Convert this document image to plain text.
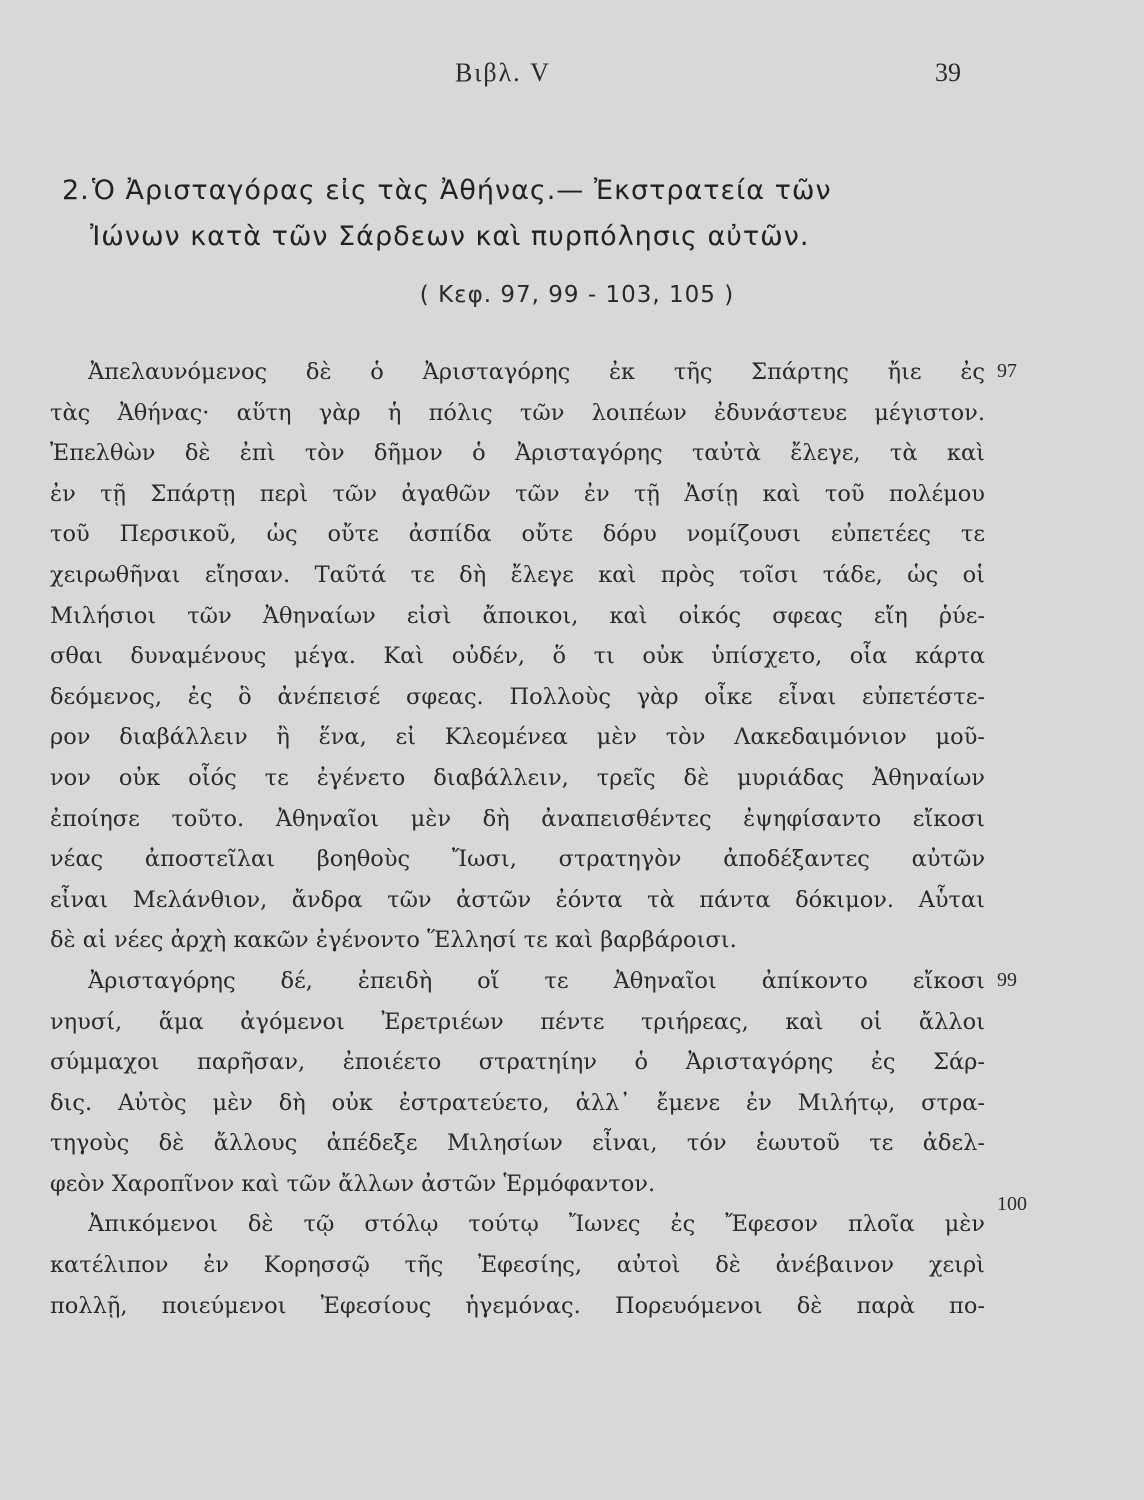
Βιβλ. V	39
2.Ὁ Ἀρισταγόρας εἰς τὰς Ἀθήνας.— Ἐκστρατεία τῶν
Ἰώνων κατὰ τῶν Σάρδεων καὶ πυρπόλησις αὐτῶν.
( Κεφ. 97, 99 - 103, 105 )
Ἀπελαυνόμενος δὲ ὁ Ἀρισταγόρης ἐκ τῆς Σπάρτης ἤιε ἐς
τὰς Ἀθήνας· αὕτη γὰρ ἡ πόλις τῶν λοιπέων ἐδυνάστευε μέγιστον.
Ἐπελθὼν δὲ ἐπὶ τὸν δῆμον ὁ Ἀρισταγόρης ταὐτὰ ἔλεγε, τὰ καὶ
ἐν τῇ Σπάρτῃ περὶ τῶν ἀγαθῶν τῶν ἐν τῇ Ἀσίῃ καὶ τοῦ πολέμου
τοῦ Περσικοῦ, ὡς οὔτε ἀσπίδα οὔτε δόρυ νομίζουσι εὐπετέες τε
χειρωθῆναι εἴησαν. Ταῦτά τε δὴ ἔλεγε καὶ πρὸς τοῖσι τάδε, ὡς οἱ
Μιλήσιοι τῶν Ἀθηναίων εἰσὶ ἄποικοι, καὶ οἰκός σφεας εἴη ῥύε-
σθαι δυναμένους μέγα. Καὶ οὐδέν, ὅ τι οὐκ ὑπίσχετο, οἷα κάρτα
δεόμενος, ἐς ὃ ἀνέπεισέ σφεας. Πολλοὺς γὰρ οἶκε εἶναι εὐπετέστε-
ρον διαβάλλειν ἢ ἕνα, εἰ Κλεομένεα μὲν τὸν Λακεδαιμόνιον μοῦ-
νον οὐκ οἷός τε ἐγένετο διαβάλλειν, τρεῖς δὲ μυριάδας Ἀθηναίων
ἐποίησε τοῦτο. Ἀθηναῖοι μὲν δὴ ἀναπεισθέντες ἐψηφίσαντο εἴκοσι
νέας ἀποστεῖλαι βοηθοὺς Ἴωσι, στρατηγὸν ἀποδέξαντες αὐτῶν
εἶναι Μελάνθιον, ἄνδρα τῶν ἀστῶν ἐόντα τὰ πάντα δόκιμον. Αὗται
δὲ αἱ νέες ἀρχὴ κακῶν ἐγένοντο Ἕλλησί τε καὶ βαρβάροισι.
Ἀρισταγόρης δέ, ἐπειδὴ οἵ τε Ἀθηναῖοι ἀπίκοντο εἴκοσι
νηυσί, ἅμα ἀγόμενοι Ἐρετριέων πέντε τριήρεας, καὶ οἱ ἄλλοι
σύμμαχοι παρῆσαν, ἐποιέετο στρατηίην ὁ Ἀρισταγόρης ἐς Σάρ-
δις. Αὐτὸς μὲν δὴ οὐκ ἐστρατεύετο, ἀλλ᾽ ἔμενε ἐν Μιλήτῳ, στρα-
τηγοὺς δὲ ἄλλους ἀπέδεξε Μιλησίων εἶναι, τόν ἑωυτοῦ τε ἀδελ-
φεὸν Χαροπῖνον καὶ τῶν ἄλλων ἀστῶν Ἑρμόφαντον.
Ἀπικόμενοι δὲ τῷ στόλῳ τούτῳ Ἴωνες ἐς Ἔφεσον πλοῖα μὲν
κατέλιπον ἐν Κορησσῷ τῆς Ἐφεσίης, αὐτοὶ δὲ ἀνέβαινον χειρὶ
πολλῇ, ποιεύμενοι Ἐφεσίους ἡγεμόνας. Πορευόμενοι δὲ παρὰ πο-
97
99
100
